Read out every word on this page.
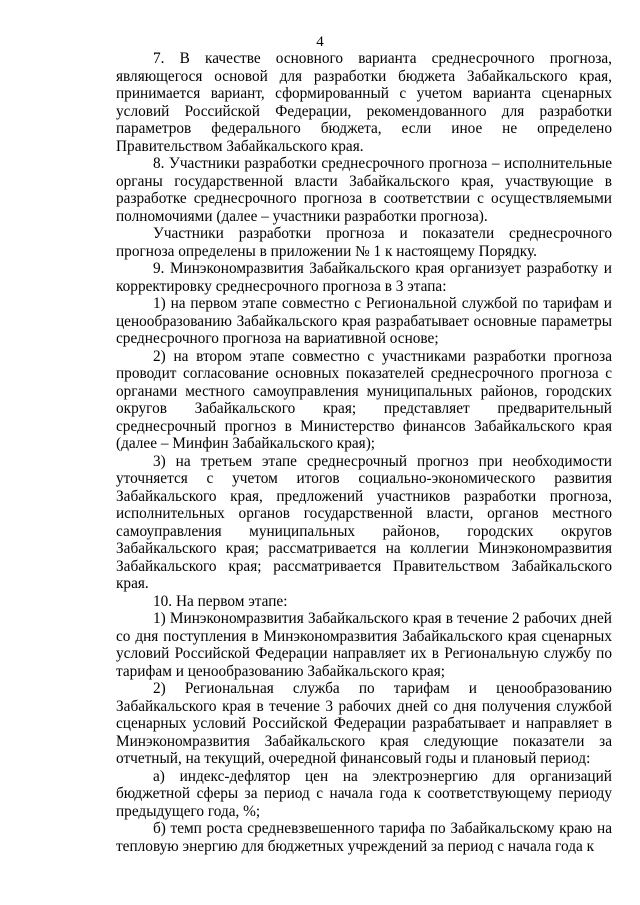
4

7. В качестве основного варианта среднесрочного прогноза, являющегося основой для разработки бюджета Забайкальского края, принимается вариант, сформированный с учетом варианта сценарных условий Российской Федерации, рекомендованного для разработки параметров федерального бюджета, если иное не определено Правительством Забайкальского края.

8. Участники разработки среднесрочного прогноза – исполнительные органы государственной власти Забайкальского края, участвующие в разработке среднесрочного прогноза в соответствии с осуществляемыми полномочиями (далее – участники разработки прогноза).

Участники разработки прогноза и показатели среднесрочного прогноза определены в приложении № 1 к настоящему Порядку.

9. Минэкономразвития Забайкальского края организует разработку и корректировку среднесрочного прогноза в 3 этапа:

1) на первом этапе совместно с Региональной службой по тарифам и ценообразованию Забайкальского края разрабатывает основные параметры среднесрочного прогноза на вариативной основе;

2) на втором этапе совместно с участниками разработки прогноза проводит согласование основных показателей среднесрочного прогноза с органами местного самоуправления муниципальных районов, городских округов Забайкальского края; представляет предварительный среднесрочный прогноз в Министерство финансов Забайкальского края (далее – Минфин Забайкальского края);

3) на третьем этапе среднесрочный прогноз при необходимости уточняется с учетом итогов социально-экономического развития Забайкальского края, предложений участников разработки прогноза, исполнительных органов государственной власти, органов местного самоуправления муниципальных районов, городских округов Забайкальского края; рассматривается на коллегии Минэкономразвития Забайкальского края; рассматривается Правительством Забайкальского края.

10. На первом этапе:

1) Минэкономразвития Забайкальского края в течение 2 рабочих дней со дня поступления в Минэкономразвития Забайкальского края сценарных условий Российской Федерации направляет их в Региональную службу по тарифам и ценообразованию Забайкальского края;

2) Региональная служба по тарифам и ценообразованию Забайкальского края в течение 3 рабочих дней со дня получения службой сценарных условий Российской Федерации разрабатывает и направляет в Минэкономразвития Забайкальского края следующие показатели за отчетный, на текущий, очередной финансовый годы и плановый период:

а) индекс-дефлятор цен на электроэнергию для организаций бюджетной сферы за период с начала года к соответствующему периоду предыдущего года, %;

б) темп роста средневзвешенного тарифа по Забайкальскому краю на тепловую энергию для бюджетных учреждений за период с начала года к
